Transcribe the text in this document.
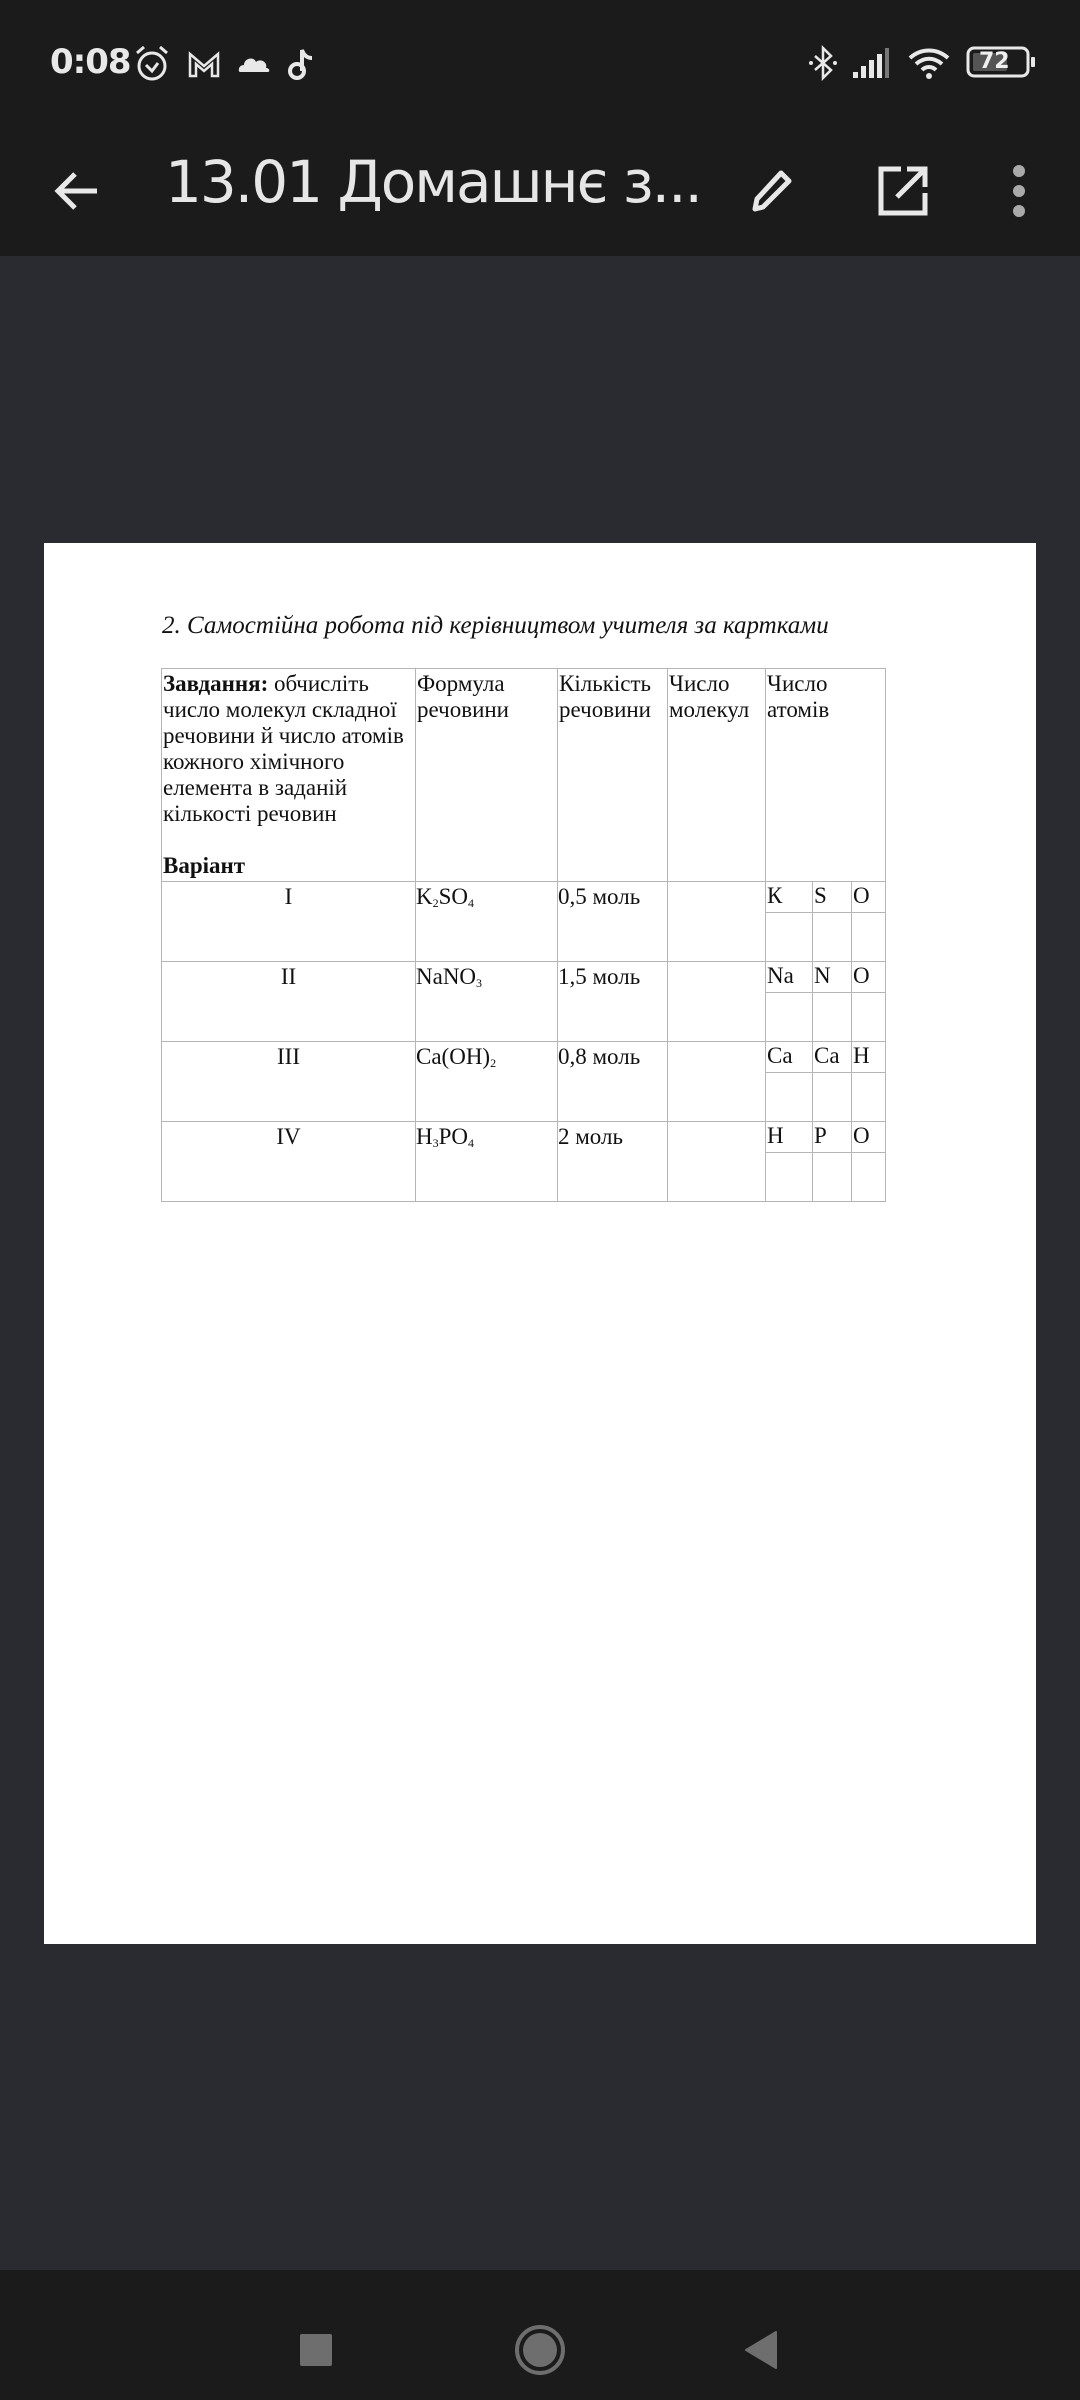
0:08	72
13.01 Домашнє з...
2. Самостійна робота під керівництвом учителя за картками
Завдання: обчисліть число молекул складної речовини й число атомів кожного хімічного елемента в заданій кількості речовин
Варіант	Формула речовини	Кількість речовини	Число молекул	Число атомів

I	$K_2SO_4$	0,5 моль		К S O

II	NaNO$_3$	1,5 моль		Na N O

III	$Ca(OH)_2$	0,8 моль		Ca Ca H

IV	$H_3PO_4$	2 моль		H P O
